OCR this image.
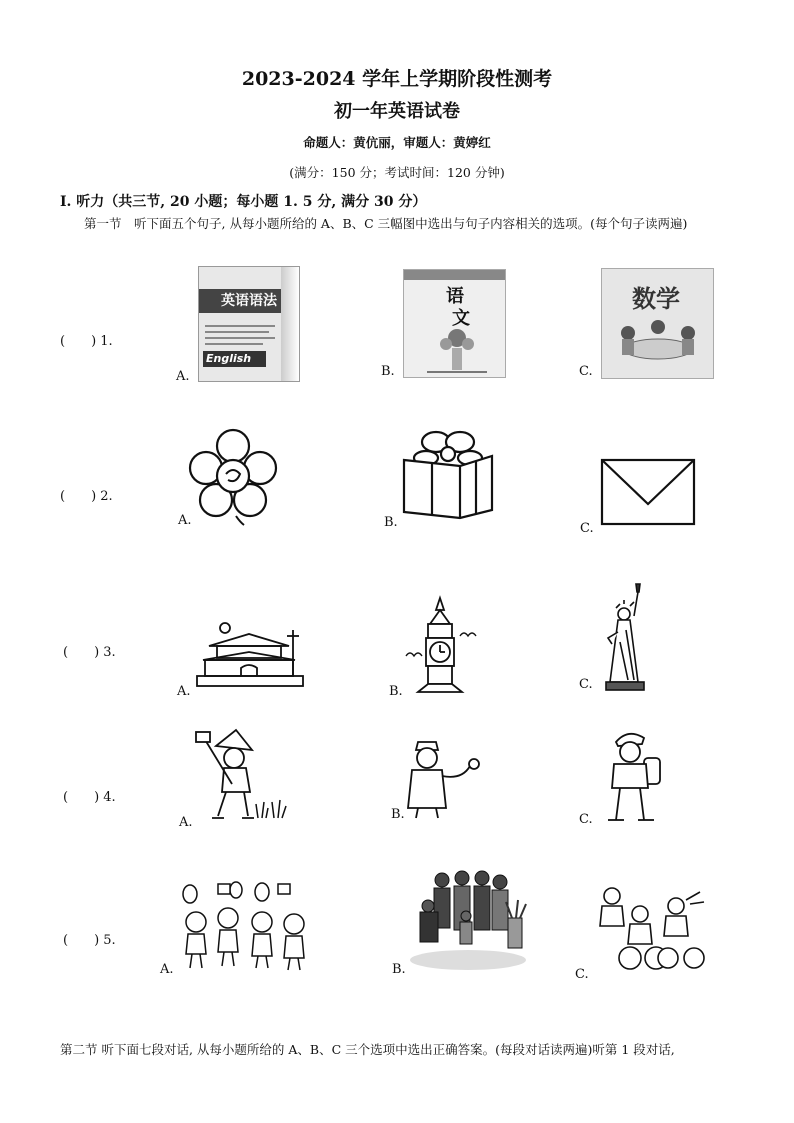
2023-2024 学年上学期阶段性测考
初一年英语试卷
命题人：黄伉丽，审题人：黄婷红
(满分：150 分；考试时间：120 分钟)
Ⅰ. 听力（共三节, 20 小题；每小题 1. 5 分, 满分 30 分）
第一节　听下面五个句子, 从每小题所给的 A、B、C 三幅图中选出与句子内容相关的选项。(每个句子读两遍)
(　　) 1.
(　　) 2.
(　　) 3.
(　　) 4.
(　　) 5.
A.	B.	C.
A.	B.	C.
A.	B.	C.
A.
B.	C.
A.	B.	C.
英语语法
English
语
文
数学
第二节 听下面七段对话, 从每小题所给的 A、B、C 三个选项中选出正确答案。(每段对话读两遍)听第 1 段对话,
